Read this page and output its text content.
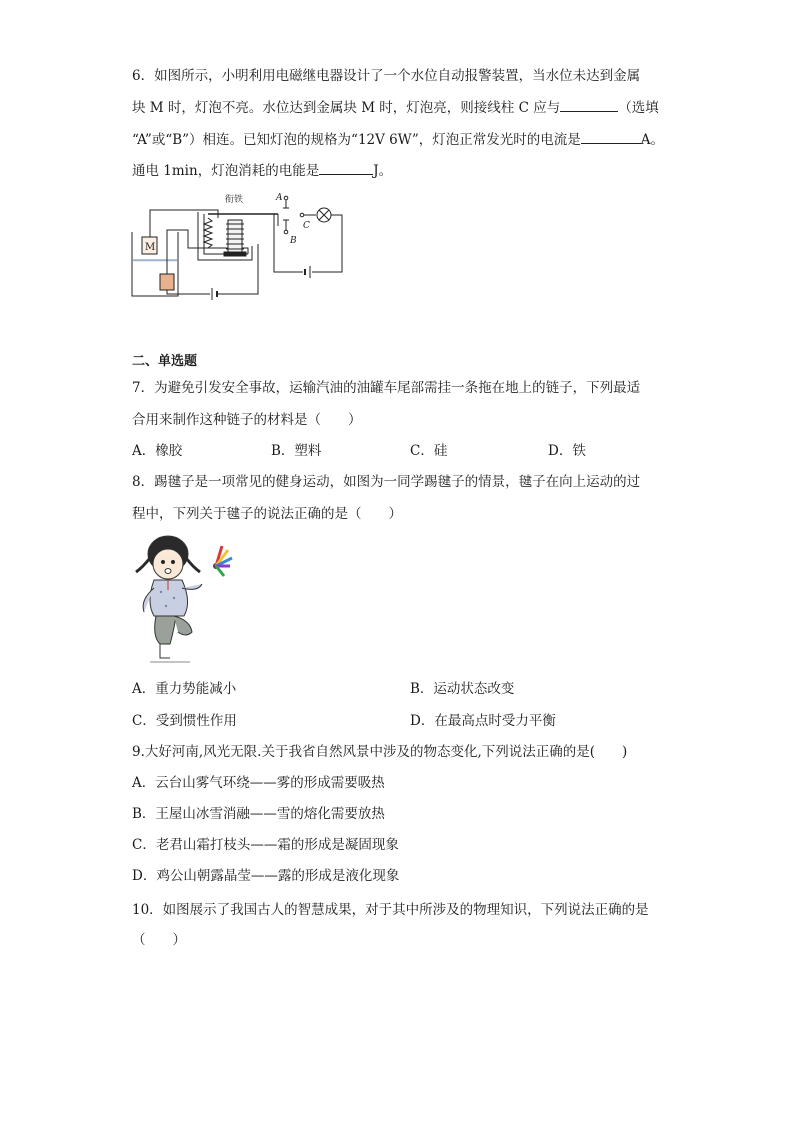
6．如图所示，小明利用电磁继电器设计了一个水位自动报警装置，当水位未达到金属
块 M 时，灯泡不亮。水位达到金属块 M 时，灯泡亮，则接线柱 C 应与	（选填
“A”或“B”）相连。已知灯泡的规格为“12V 6W”，灯泡正常发光时的电流是	A。
通电 1min，灯泡消耗的电能是	J。
衔铁	A
B
C
M
二、单选题
7．为避免引发安全事故，运输汽油的油罐车尾部需挂一条拖在地上的链子，下列最适
合用来制作这种链子的材料是（　　）
A．橡胶	B．塑料	C．硅	D．铁
8．踢毽子是一项常见的健身运动，如图为一同学踢毽子的情景，毽子在向上运动的过
程中，下列关于毽子的说法正确的是（　　）
A．重力势能减小	B．运动状态改变
C．受到惯性作用	D．在最高点时受力平衡
9.大好河南,风光无限.关于我省自然风景中涉及的物态变化,下列说法正确的是(　　)
A．云台山雾气环绕——雾的形成需要吸热
B．王屋山冰雪消融——雪的熔化需要放热
C．老君山霜打枝头——霜的形成是凝固现象
D．鸡公山朝露晶莹——露的形成是液化现象
10．如图展示了我国古人的智慧成果，对于其中所涉及的物理知识，下列说法正确的是
（　　）
